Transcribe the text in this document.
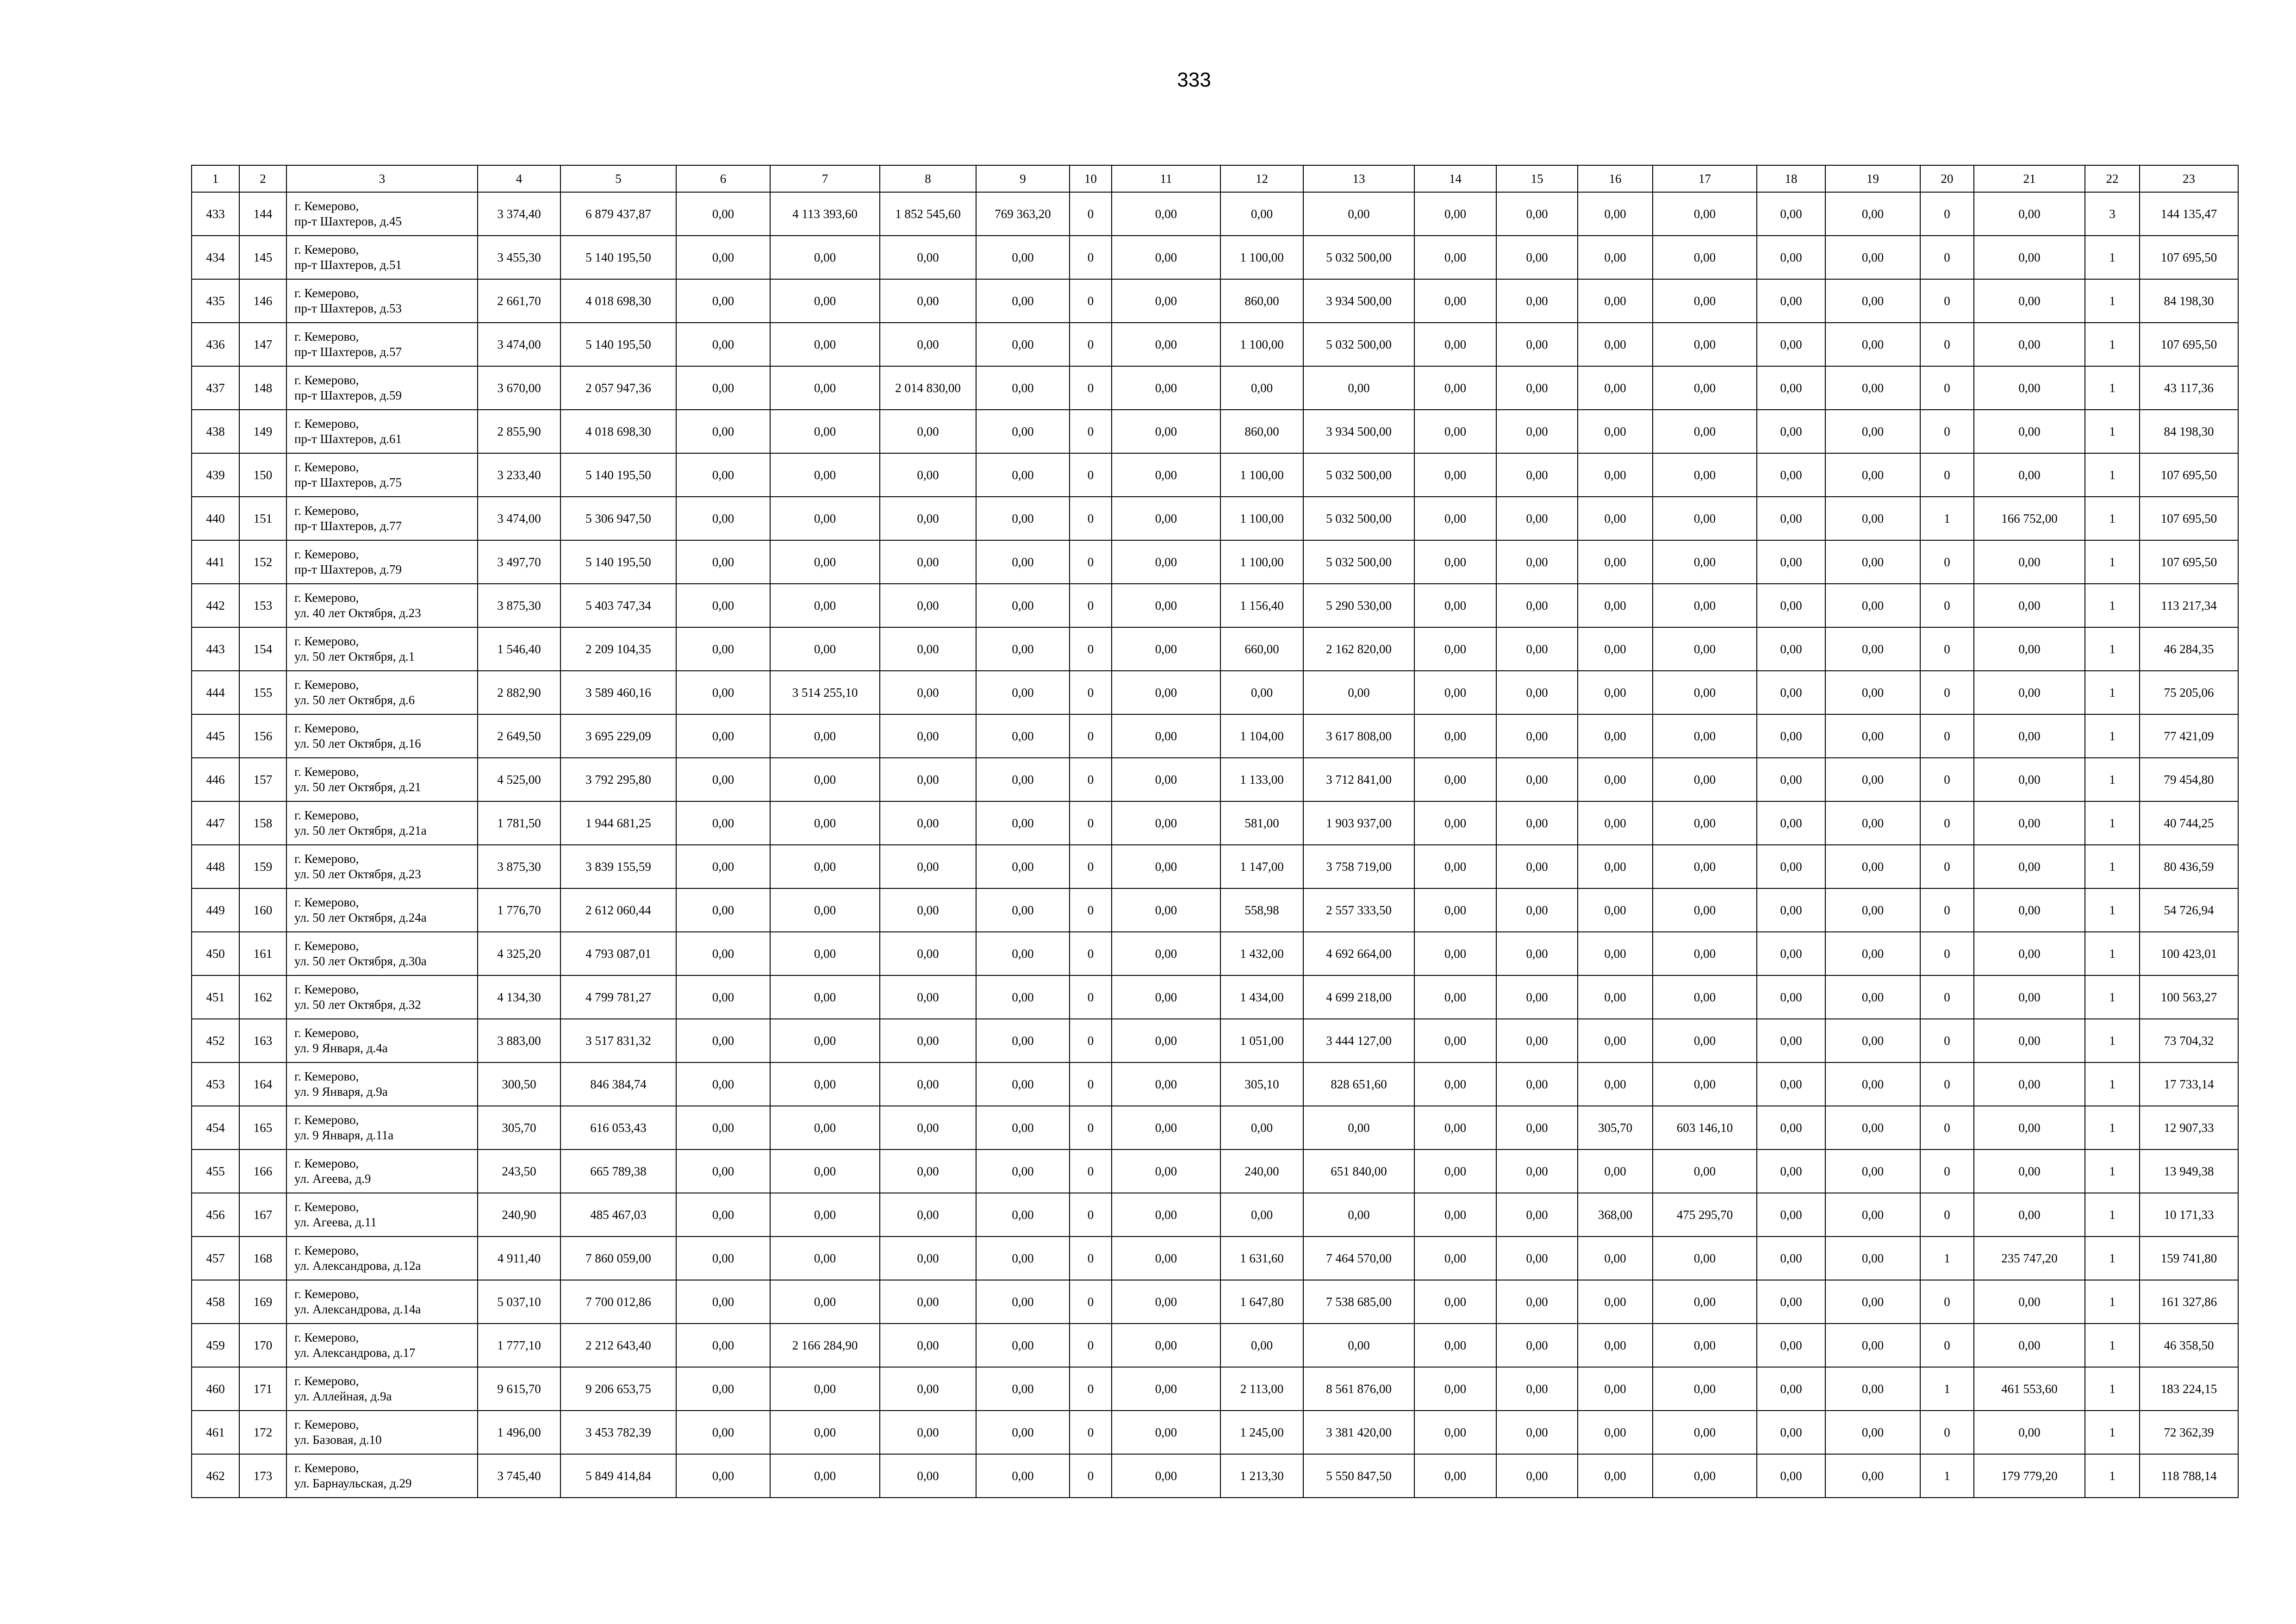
333
1	2	3	4	5	6	7	8	9	10	11	12	13	14	15	16	17	18	19	20	21	22	23
433	144	г. Кемерово,
пр-т Шахтеров, д.45	3 374,40	6 879 437,87	0,00	4 113 393,60	1 852 545,60	769 363,20	0	0,00	0,00	0,00	0,00	0,00	0,00	0,00	0,00	0,00	0	0,00	3	144 135,47
434	145	г. Кемерово,
пр-т Шахтеров, д.51	3 455,30	5 140 195,50	0,00	0,00	0,00	0,00	0	0,00	1 100,00	5 032 500,00	0,00	0,00	0,00	0,00	0,00	0,00	0	0,00	1	107 695,50
435	146	г. Кемерово,
пр-т Шахтеров, д.53	2 661,70	4 018 698,30	0,00	0,00	0,00	0,00	0	0,00	860,00	3 934 500,00	0,00	0,00	0,00	0,00	0,00	0,00	0	0,00	1	84 198,30
436	147	г. Кемерово,
пр-т Шахтеров, д.57	3 474,00	5 140 195,50	0,00	0,00	0,00	0,00	0	0,00	1 100,00	5 032 500,00	0,00	0,00	0,00	0,00	0,00	0,00	0	0,00	1	107 695,50
437	148	г. Кемерово,
пр-т Шахтеров, д.59	3 670,00	2 057 947,36	0,00	0,00	2 014 830,00	0,00	0	0,00	0,00	0,00	0,00	0,00	0,00	0,00	0,00	0,00	0	0,00	1	43 117,36
438	149	г. Кемерово,
пр-т Шахтеров, д.61	2 855,90	4 018 698,30	0,00	0,00	0,00	0,00	0	0,00	860,00	3 934 500,00	0,00	0,00	0,00	0,00	0,00	0,00	0	0,00	1	84 198,30
439	150	г. Кемерово,
пр-т Шахтеров, д.75	3 233,40	5 140 195,50	0,00	0,00	0,00	0,00	0	0,00	1 100,00	5 032 500,00	0,00	0,00	0,00	0,00	0,00	0,00	0	0,00	1	107 695,50
440	151	г. Кемерово,
пр-т Шахтеров, д.77	3 474,00	5 306 947,50	0,00	0,00	0,00	0,00	0	0,00	1 100,00	5 032 500,00	0,00	0,00	0,00	0,00	0,00	0,00	1	166 752,00	1	107 695,50
441	152	г. Кемерово,
пр-т Шахтеров, д.79	3 497,70	5 140 195,50	0,00	0,00	0,00	0,00	0	0,00	1 100,00	5 032 500,00	0,00	0,00	0,00	0,00	0,00	0,00	0	0,00	1	107 695,50
442	153	г. Кемерово,
ул. 40 лет Октября, д.23	3 875,30	5 403 747,34	0,00	0,00	0,00	0,00	0	0,00	1 156,40	5 290 530,00	0,00	0,00	0,00	0,00	0,00	0,00	0	0,00	1	113 217,34
443	154	г. Кемерово,
ул. 50 лет Октября, д.1	1 546,40	2 209 104,35	0,00	0,00	0,00	0,00	0	0,00	660,00	2 162 820,00	0,00	0,00	0,00	0,00	0,00	0,00	0	0,00	1	46 284,35
444	155	г. Кемерово,
ул. 50 лет Октября, д.6	2 882,90	3 589 460,16	0,00	3 514 255,10	0,00	0,00	0	0,00	0,00	0,00	0,00	0,00	0,00	0,00	0,00	0,00	0	0,00	1	75 205,06
445	156	г. Кемерово,
ул. 50 лет Октября, д.16	2 649,50	3 695 229,09	0,00	0,00	0,00	0,00	0	0,00	1 104,00	3 617 808,00	0,00	0,00	0,00	0,00	0,00	0,00	0	0,00	1	77 421,09
446	157	г. Кемерово,
ул. 50 лет Октября, д.21	4 525,00	3 792 295,80	0,00	0,00	0,00	0,00	0	0,00	1 133,00	3 712 841,00	0,00	0,00	0,00	0,00	0,00	0,00	0	0,00	1	79 454,80
447	158	г. Кемерово,
ул. 50 лет Октября, д.21а	1 781,50	1 944 681,25	0,00	0,00	0,00	0,00	0	0,00	581,00	1 903 937,00	0,00	0,00	0,00	0,00	0,00	0,00	0	0,00	1	40 744,25
448	159	г. Кемерово,
ул. 50 лет Октября, д.23	3 875,30	3 839 155,59	0,00	0,00	0,00	0,00	0	0,00	1 147,00	3 758 719,00	0,00	0,00	0,00	0,00	0,00	0,00	0	0,00	1	80 436,59
449	160	г. Кемерово,
ул. 50 лет Октября, д.24а	1 776,70	2 612 060,44	0,00	0,00	0,00	0,00	0	0,00	558,98	2 557 333,50	0,00	0,00	0,00	0,00	0,00	0,00	0	0,00	1	54 726,94
450	161	г. Кемерово,
ул. 50 лет Октября, д.30а	4 325,20	4 793 087,01	0,00	0,00	0,00	0,00	0	0,00	1 432,00	4 692 664,00	0,00	0,00	0,00	0,00	0,00	0,00	0	0,00	1	100 423,01
451	162	г. Кемерово,
ул. 50 лет Октября, д.32	4 134,30	4 799 781,27	0,00	0,00	0,00	0,00	0	0,00	1 434,00	4 699 218,00	0,00	0,00	0,00	0,00	0,00	0,00	0	0,00	1	100 563,27
452	163	г. Кемерово,
ул. 9 Января, д.4а	3 883,00	3 517 831,32	0,00	0,00	0,00	0,00	0	0,00	1 051,00	3 444 127,00	0,00	0,00	0,00	0,00	0,00	0,00	0	0,00	1	73 704,32
453	164	г. Кемерово,
ул. 9 Января, д.9а	300,50	846 384,74	0,00	0,00	0,00	0,00	0	0,00	305,10	828 651,60	0,00	0,00	0,00	0,00	0,00	0,00	0	0,00	1	17 733,14
454	165	г. Кемерово,
ул. 9 Января, д.11а	305,70	616 053,43	0,00	0,00	0,00	0,00	0	0,00	0,00	0,00	0,00	0,00	305,70	603 146,10	0,00	0,00	0	0,00	1	12 907,33
455	166	г. Кемерово,
ул. Агеева, д.9	243,50	665 789,38	0,00	0,00	0,00	0,00	0	0,00	240,00	651 840,00	0,00	0,00	0,00	0,00	0,00	0,00	0	0,00	1	13 949,38
456	167	г. Кемерово,
ул. Агеева, д.11	240,90	485 467,03	0,00	0,00	0,00	0,00	0	0,00	0,00	0,00	0,00	0,00	368,00	475 295,70	0,00	0,00	0	0,00	1	10 171,33
457	168	г. Кемерово,
ул. Александрова, д.12а	4 911,40	7 860 059,00	0,00	0,00	0,00	0,00	0	0,00	1 631,60	7 464 570,00	0,00	0,00	0,00	0,00	0,00	0,00	1	235 747,20	1	159 741,80
458	169	г. Кемерово,
ул. Александрова, д.14а	5 037,10	7 700 012,86	0,00	0,00	0,00	0,00	0	0,00	1 647,80	7 538 685,00	0,00	0,00	0,00	0,00	0,00	0,00	0	0,00	1	161 327,86
459	170	г. Кемерово,
ул. Александрова, д.17	1 777,10	2 212 643,40	0,00	2 166 284,90	0,00	0,00	0	0,00	0,00	0,00	0,00	0,00	0,00	0,00	0,00	0,00	0	0,00	1	46 358,50
460	171	г. Кемерово,
ул. Аллейная, д.9а	9 615,70	9 206 653,75	0,00	0,00	0,00	0,00	0	0,00	2 113,00	8 561 876,00	0,00	0,00	0,00	0,00	0,00	0,00	1	461 553,60	1	183 224,15
461	172	г. Кемерово,
ул. Базовая, д.10	1 496,00	3 453 782,39	0,00	0,00	0,00	0,00	0	0,00	1 245,00	3 381 420,00	0,00	0,00	0,00	0,00	0,00	0,00	0	0,00	1	72 362,39
462	173	г. Кемерово,
ул. Барнаульская, д.29	3 745,40	5 849 414,84	0,00	0,00	0,00	0,00	0	0,00	1 213,30	5 550 847,50	0,00	0,00	0,00	0,00	0,00	0,00	1	179 779,20	1	118 788,14
